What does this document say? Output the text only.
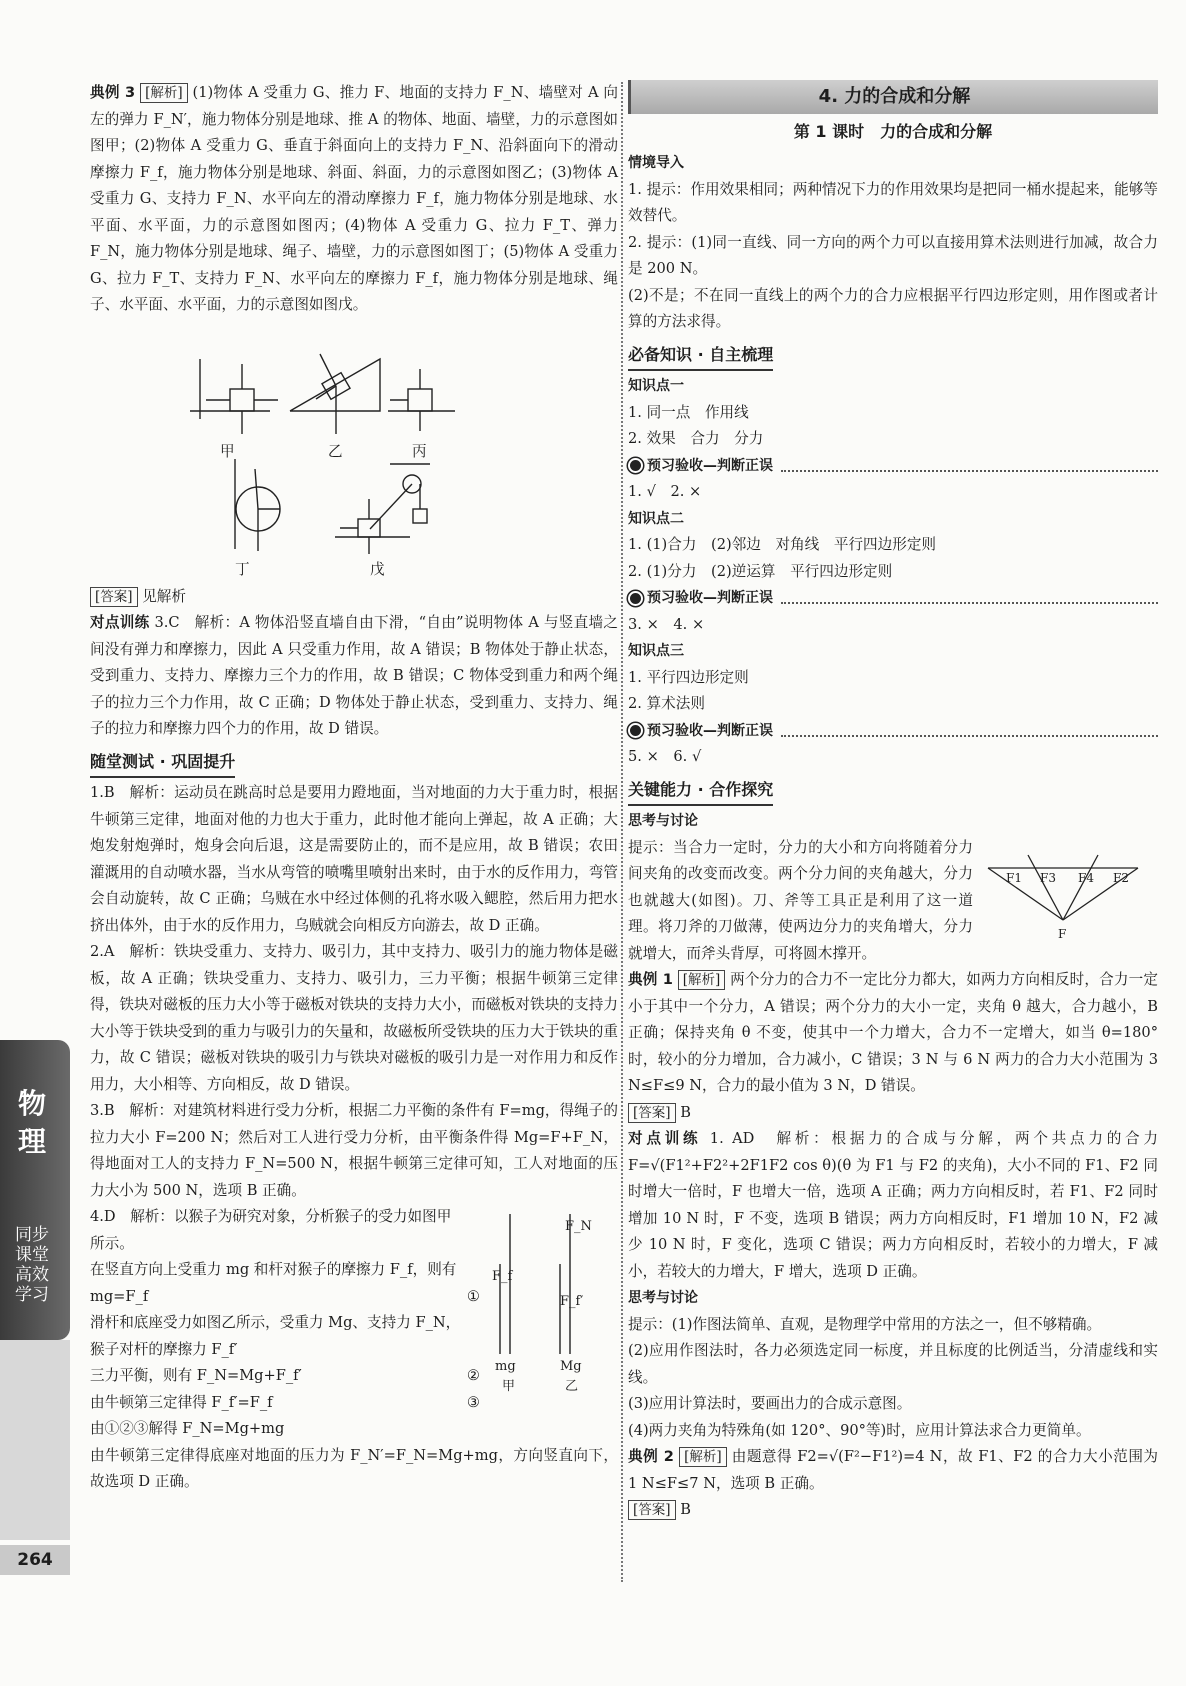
物理
同步课堂 高效学习
264

典例 3 [解析] (1)物体 A 受重力 G、推力 F、地面的支持力 F_N、墙壁对 A 向左的弹力 F_N′，施力物体分别是地球、推 A 的物体、地面、墙壁，力的示意图如图甲；(2)物体 A 受重力 G、垂直于斜面向上的支持力 F_N、沿斜面向下的滑动摩擦力 F_f，施力物体分别是地球、斜面、斜面，力的示意图如图乙；(3)物体 A 受重力 G、支持力 F_N、水平向左的滑动摩擦力 F_f，施力物体分别是地球、水平面、水平面，力的示意图如图丙；(4)物体 A 受重力 G、拉力 F_T、弹力 F_N，施力物体分别是地球、绳子、墙壁，力的示意图如图丁；(5)物体 A 受重力 G、拉力 F_T、支持力 F_N、水平向左的摩擦力 F_f，施力物体分别是地球、绳子、水平面、水平面，力的示意图如图戊。

甲	乙	丙
丁	戊

[答案] 见解析

对点训练 3.C　解析：A 物体沿竖直墙自由下滑，“自由”说明物体 A 与竖直墙之间没有弹力和摩擦力，因此 A 只受重力作用，故 A 错误；B 物体处于静止状态，受到重力、支持力、摩擦力三个力的作用，故 B 错误；C 物体受到重力和两个绳子的拉力三个力作用，故 C 正确；D 物体处于静止状态，受到重力、支持力、绳子的拉力和摩擦力四个力的作用，故 D 错误。

随堂测试 · 巩固提升

1.B　解析：运动员在跳高时总是要用力蹬地面，当对地面的力大于重力时，根据牛顿第三定律，地面对他的力也大于重力，此时他才能向上弹起，故 A 正确；大炮发射炮弹时，炮身会向后退，这是需要防止的，而不是应用，故 B 错误；农田灌溉用的自动喷水器，当水从弯管的喷嘴里喷射出来时，由于水的反作用力，弯管会自动旋转，故 C 正确；乌贼在水中经过体侧的孔将水吸入鳃腔，然后用力把水挤出体外，由于水的反作用力，乌贼就会向相反方向游去，故 D 正确。

2.A　解析：铁块受重力、支持力、吸引力，其中支持力、吸引力的施力物体是磁板，故 A 正确；铁块受重力、支持力、吸引力，三力平衡；根据牛顿第三定律得，铁块对磁板的压力大小等于磁板对铁块的支持力大小，而磁板对铁块的支持力大小等于铁块受到的重力与吸引力的矢量和，故磁板所受铁块的压力大于铁块的重力，故 C 错误；磁板对铁块的吸引力与铁块对磁板的吸引力是一对作用力和反作用力，大小相等、方向相反，故 D 错误。

3.B　解析：对建筑材料进行受力分析，根据二力平衡的条件有 F=mg，得绳子的拉力大小 F=200 N；然后对工人进行受力分析，由平衡条件得 Mg=F+F_N，得地面对工人的支持力 F_N=500 N，根据牛顿第三定律可知，工人对地面的压力大小为 500 N，选项 B 正确。

4.D　解析：以猴子为研究对象，分析猴子的受力如图甲
所示。
在竖直方向上受重力 mg 和杆对猴子的摩擦力 F_f，则有
mg=F_f	①
滑杆和底座受力如图乙所示，受重力 Mg、支持力 F_N，
猴子对杆的摩擦力 F_f′
三力平衡，则有 F_N=Mg+F_f′	②
由牛顿第三定律得 F_f′=F_f	③
由①②③解得 F_N=Mg+mg
F_f
F_N
F_f′
mg	Mg
甲	乙

由牛顿第三定律得底座对地面的压力为 F_N′=F_N=Mg+mg，方向竖直向下，故选项 D 正确。

4. 力的合成和分解
第 1 课时　力的合成和分解
情境导入

1. 提示：作用效果相同；两种情况下力的作用效果均是把同一桶水提起来，能够等效替代。

2. 提示：(1)同一直线、同一方向的两个力可以直接用算术法则进行加减，故合力是 200 N。

(2)不是；不在同一直线上的两个力的合力应根据平行四边形定则，用作图或者计算的方法求得。

必备知识 · 自主梳理
知识点一

1. 同一点　作用线

2. 效果　合力　分力

预习验收—判断正误

1. √　2. ×

知识点二

1. (1)合力　(2)邻边　对角线　平行四边形定则

2. (1)分力　(2)逆运算　平行四边形定则

预习验收—判断正误

3. ×　4. ×

知识点三

1. 平行四边形定则

2. 算术法则

预习验收—判断正误

5. ×　6. √

关键能力 · 合作探究
思考与讨论

提示：当合力一定时，分力的大小和方向将随着分力间夹角的改变而改变。两个分力间的夹角越大，分力也就越大(如图)。刀、斧等工具正是利用了这一道理。将刀斧的刀做薄，使两边分力的夹角增大，分力就增大，而斧头背厚，可将圆木撑开。

F1 F3 F4 F2
F

典例 1 [解析] 两个分力的合力不一定比分力都大，如两力方向相反时，合力一定小于其中一个分力，A 错误；两个分力的大小一定，夹角 θ 越大，合力越小，B 正确；保持夹角 θ 不变，使其中一个力增大，合力不一定增大，如当 θ=180°时，较小的分力增加，合力减小，C 错误；3 N 与 6 N 两力的合力大小范围为 3 N≤F≤9 N，合力的最小值为 3 N，D 错误。

[答案] B

对点训练 1. AD　解析：根据力的合成与分解，两个共点力的合力 F=√(F1²+F2²+2F1F2 cos θ)(θ 为 F1 与 F2 的夹角)，大小不同的 F1、F2 同时增大一倍时，F 也增大一倍，选项 A 正确；两力方向相反时，若 F1、F2 同时增加 10 N 时，F 不变，选项 B 错误；两力方向相反时，F1 增加 10 N，F2 减少 10 N 时，F 变化，选项 C 错误；两力方向相反时，若较小的力增大，F 减小，若较大的力增大，F 增大，选项 D 正确。

思考与讨论

提示：(1)作图法简单、直观，是物理学中常用的方法之一，但不够精确。

(2)应用作图法时，各力必须选定同一标度，并且标度的比例适当，分清虚线和实线。

(3)应用计算法时，要画出力的合成示意图。

(4)两力夹角为特殊角(如 120°、90°等)时，应用计算法求合力更简单。

典例 2 [解析] 由题意得 F2=√(F²−F1²)=4 N，故 F1、F2 的合力大小范围为 1 N≤F≤7 N，选项 B 正确。

[答案] B
